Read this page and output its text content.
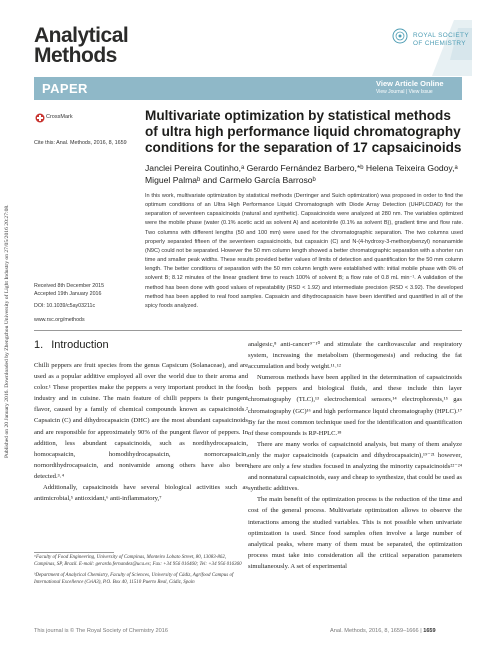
Analytical
Methods
ROYAL SOCIETY
OF CHEMISTRY
PAPER	View Article Online
View Journal | View Issue
Published on 20 January 2016. Downloaded by Zhengzhou University of Light Industry on 27/05/2016 20:27:08.
CrossMark
Cite this: Anal. Methods, 2016, 8, 1659
Multivariate optimization by statistical methods of ultra high performance liquid chromatography conditions for the separation of 17 capsaicinoids
Janclei Pereira Coutinho,ᵃ Gerardo Fernández Barbero,*ᵇ Helena Teixeira Godoy,ᵃ Miguel Palmaᵇ and Carmelo García Barrosoᵇ
In this work, multivariate optimization by statistical methods (Derringer and Suich optimization) was proposed in order to find the optimum conditions of an Ultra High Performance Liquid Chromatograph with Diode Array Detection (UHPLCDAD) for the separation of seventeen capsaicinoids (natural and synthetic). Capsaicinoids were analyzed at 280 nm. The variables optimized were the mobile phase (water (0.1% acetic acid as solvent A) and acetonitrile (0.1% as solvent B)), gradient time and flow rate. Two columns with different lengths (50 and 100 mm) were used for the chromatographic separation. The two columns used properly separated fifteen of the seventeen capsaicinoids, but capsaicin (C) and N-(4-hydroxy-3-methoxybenzyl) nonanamide (N9C) could not be separated. However the 50 mm column length showed a better chromatographic separation with a shorter run time and smaller peak widths. These results provided better values of limits of detection and quantification for the 50 mm column length. The better conditions of separation with the 50 mm column length were established with: initial mobile phase with 0% of solvent B; 8.12 minutes of the linear gradient time to reach 100% of solvent B; a flow rate of 0.8 mL min⁻¹. A validation of the method has been done with good values of repeatability (RSD < 1.92) and intermediate precision (RSD < 3.92). The developed method has been applied to real food samples. Capsaicin and dihydrocapsaicin have been identified and quantified in all of the spicy foods analyzed.
Received 8th December 2015
Accepted 19th January 2016
DOI: 10.1039/c5ay03211c
www.rsc.org/methods
1. Introduction

Chilli peppers are fruit species from the genus Capsicum (Solanaceae), and are used as a popular additive employed all over the world due to their aroma and color.¹ These properties make the peppers a very important product in the food industry and in cuisine. The main feature of chilli peppers is their pungent flavor, caused by a family of chemical compounds known as capsaicinoids.² Capsaicin (C) and dihydrocapsaicin (DHC) are the most abundant capsaicinoids and are responsible for approximately 90% of the pungent flavor of peppers. In addition, less abundant capsaicinoids, such as nordihydrocapsaicin, homocapsaicin, homodihydrocapsaicin, nornorcapsaicin, nornordihydrocapsaicin, and nonivamide among others have also been detected.³˒⁴

Additionally, capsaicinoids have several biological activities such as antimicrobial,⁵ antioxidant,⁶ anti-inflammatory,⁷

analgesic,⁸ anti-cancer⁹⁻¹⁰ and stimulate the cardiovascular and respiratory system, increasing the metabolism (thermogenesis) and reducing the fat accumulation and body weight.¹¹˒¹²

Numerous methods have been applied in the determination of capsaicinoids in both peppers and biological fluids, and these include thin layer chromatography (TLC),¹³ electrochemical sensors,¹⁴ electrophoresis,¹⁵ gas chromatography (GC)¹⁶ and high performance liquid chromatography (HPLC).¹⁷ By far the most common technique used for the identification and quantification of these compounds is RP-HPLC.¹⁸

There are many works of capsaicinoid analysis, but many of them analyze only the major capsaicinoids (capsaicin and dihydrocapsaicin),¹⁹⁻²¹ however, there are only a few studies focused in analyzing the minority capsaicinoids²²⁻²⁴ and nonnatural capsaicinoids, easy and cheap to synthesize, that could be used as synthetic additives.

The main benefit of the optimization process is the reduction of the time and cost of the general process. Multivariate optimization allows to observe the interactions among the studied variables. This is not possible when univariate optimization is used. Since food samples often involve a large number of analytical peaks, where many of them must be separated, the optimization process must take into consideration all the critical separation parameters simultaneously. A set of experimental

ᵃFaculty of Food Engineering, University of Campinas, Monteiro Lobato Street, 80, 13083-862, Campinas, SP, Brazil. E-mail: gerardo.fernandez@uca.es; Fax: +34 956 016460; Tel: +34 956 016360

ᵇDepartment of Analytical Chemistry, Faculty of Sciences, University of Cádiz, Agrifood Campus of International Excellence (CeiA3), P.O. Box 40, 11510 Puerto Real, Cádiz, Spain

This journal is © The Royal Society of Chemistry 2016	Anal. Methods, 2016, 8, 1659–1666 | 1659
